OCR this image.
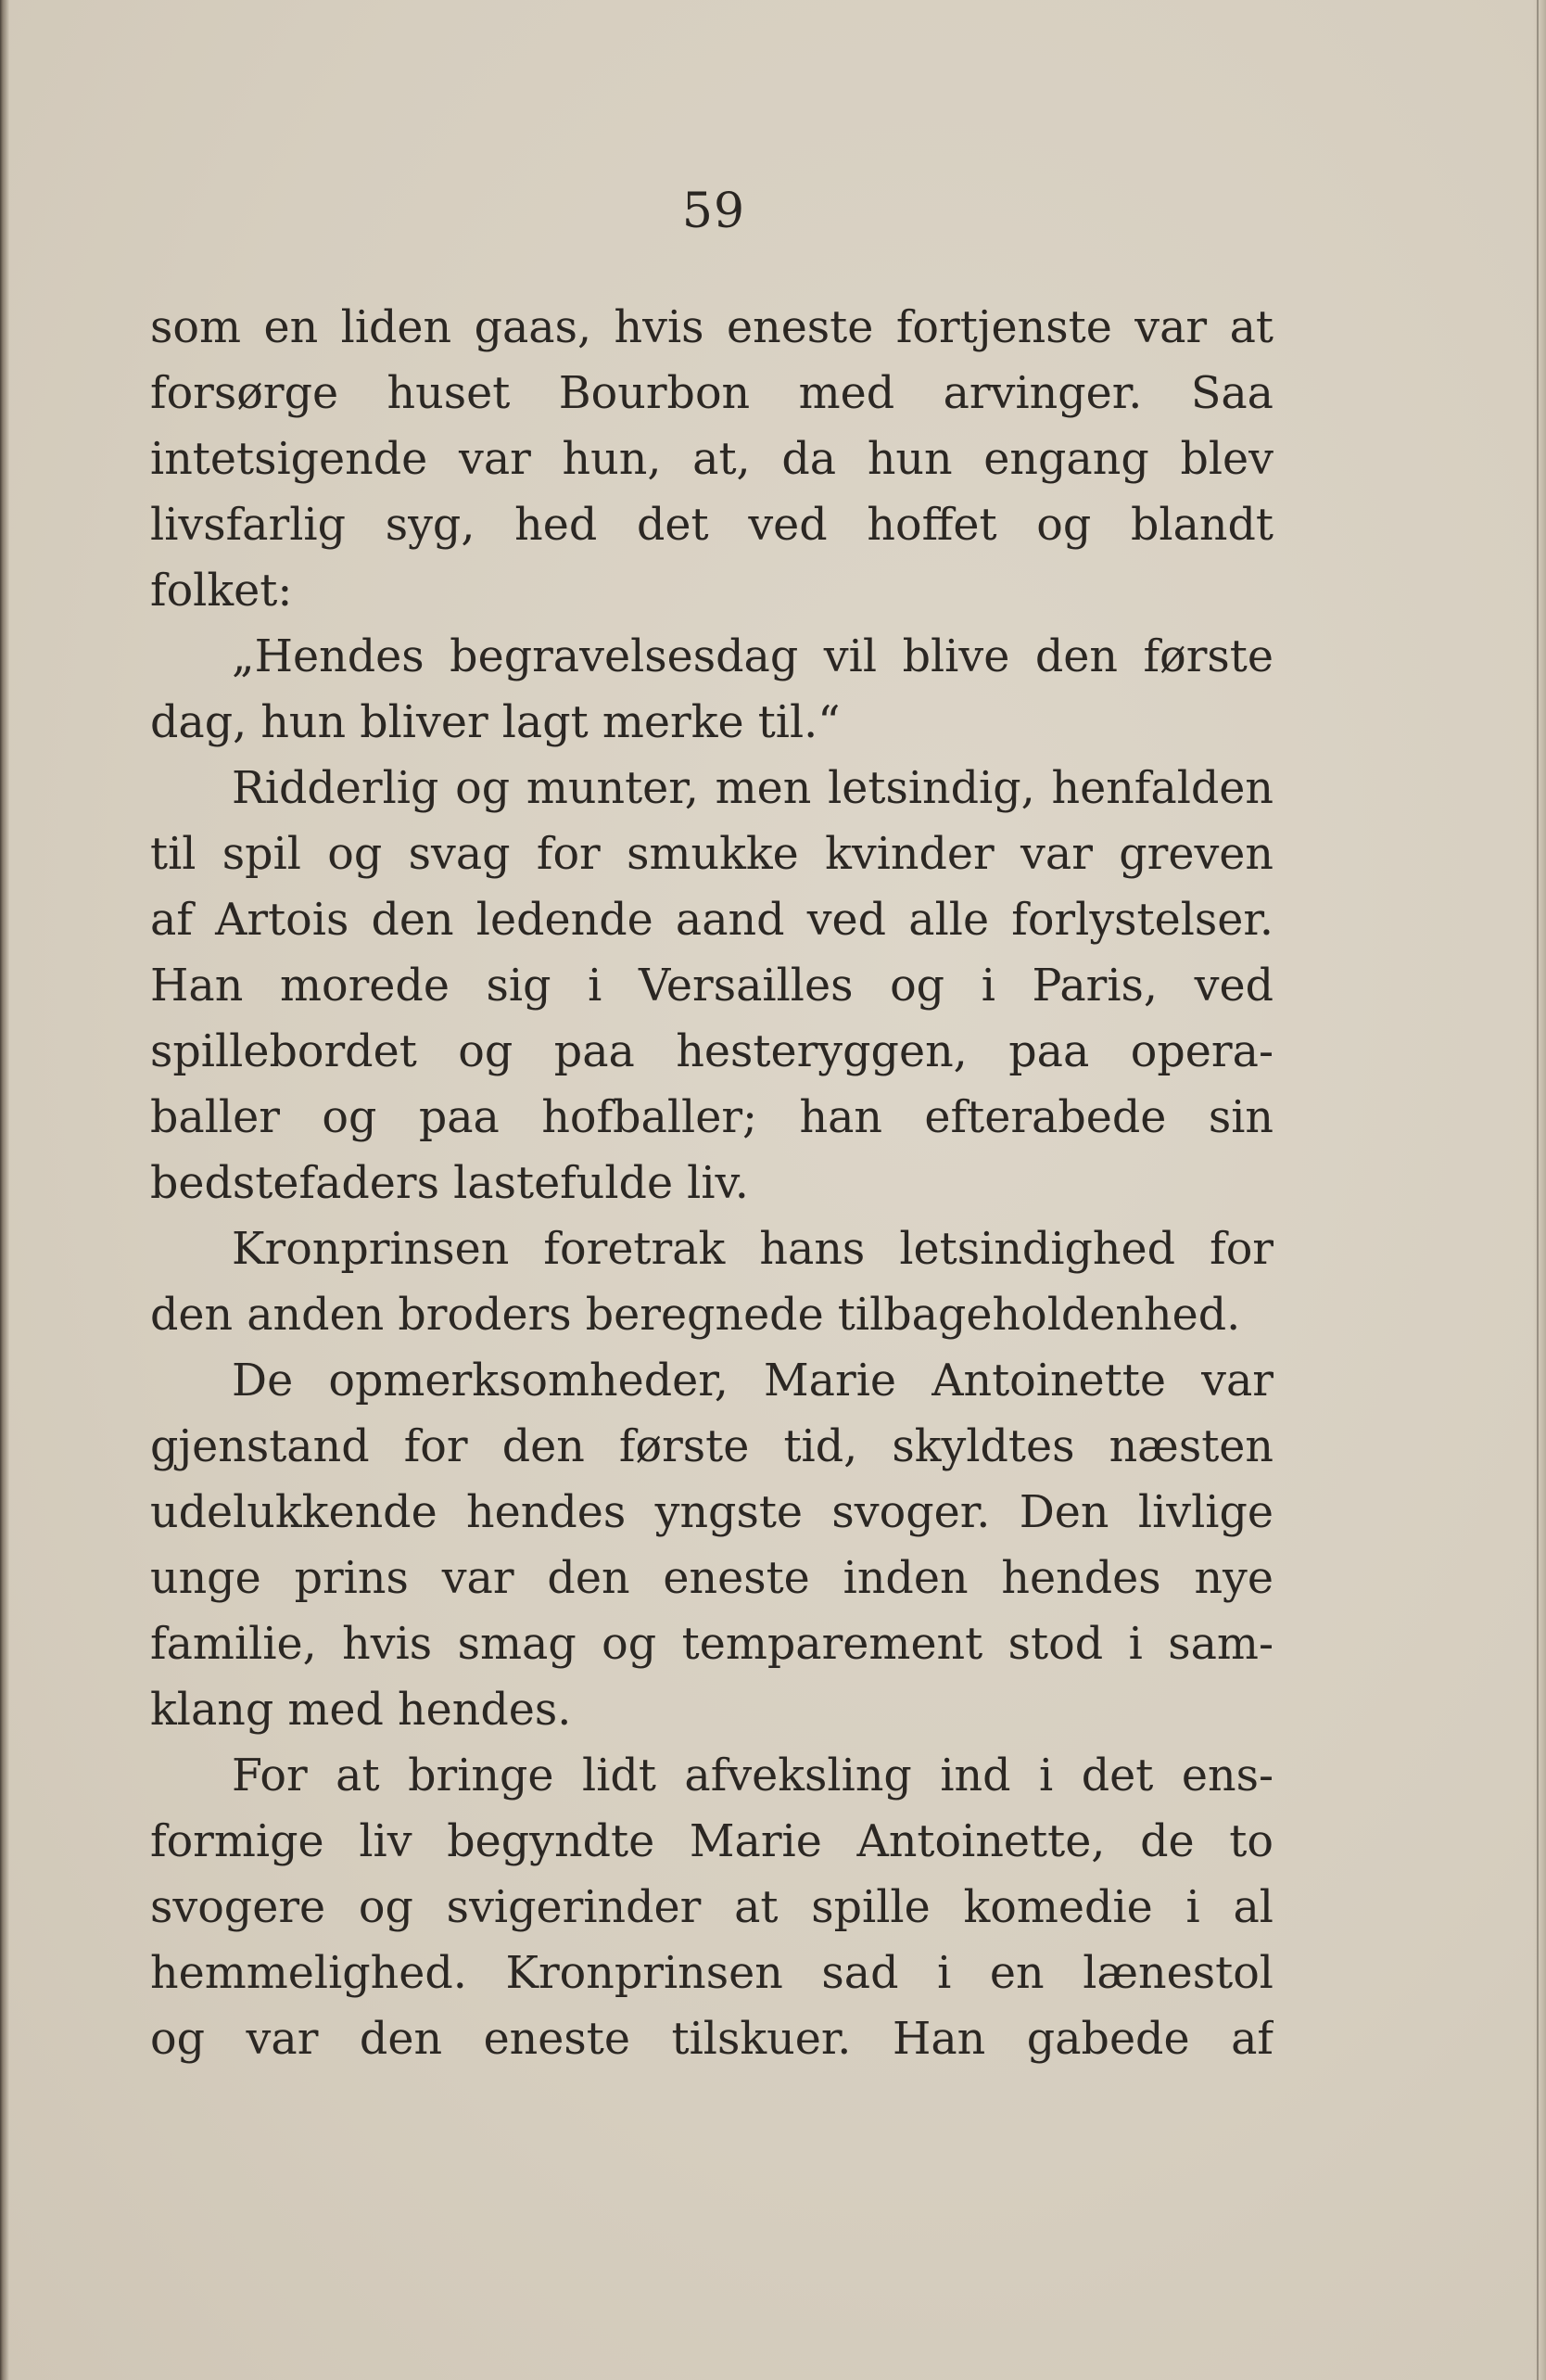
59
som en liden gaas, hvis eneste fortjenste var at
forsørge huset Bourbon med arvinger. Saa
intetsigende var hun, at, da hun engang blev
livsfarlig syg, hed det ved hoffet og blandt
folket:
„Hendes begravelsesdag vil blive den første
dag, hun bliver lagt merke til.“
Ridderlig og munter, men letsindig, henfalden
til spil og svag for smukke kvinder var greven
af Artois den ledende aand ved alle forlystelser.
Han morede sig i Versailles og i Paris, ved
spillebordet og paa hesteryggen, paa opera-
baller og paa hofballer; han efterabede sin
bedstefaders lastefulde liv.
Kronprinsen foretrak hans letsindighed for
den anden broders beregnede tilbageholdenhed.
De opmerksomheder, Marie Antoinette var
gjenstand for den første tid, skyldtes næsten
udelukkende hendes yngste svoger. Den livlige
unge prins var den eneste inden hendes nye
familie, hvis smag og temparement stod i sam-
klang med hendes.
For at bringe lidt afveksling ind i det ens-
formige liv begyndte Marie Antoinette, de to
svogere og svigerinder at spille komedie i al
hemmelighed. Kronprinsen sad i en lænestol
og var den eneste tilskuer. Han gabede af
